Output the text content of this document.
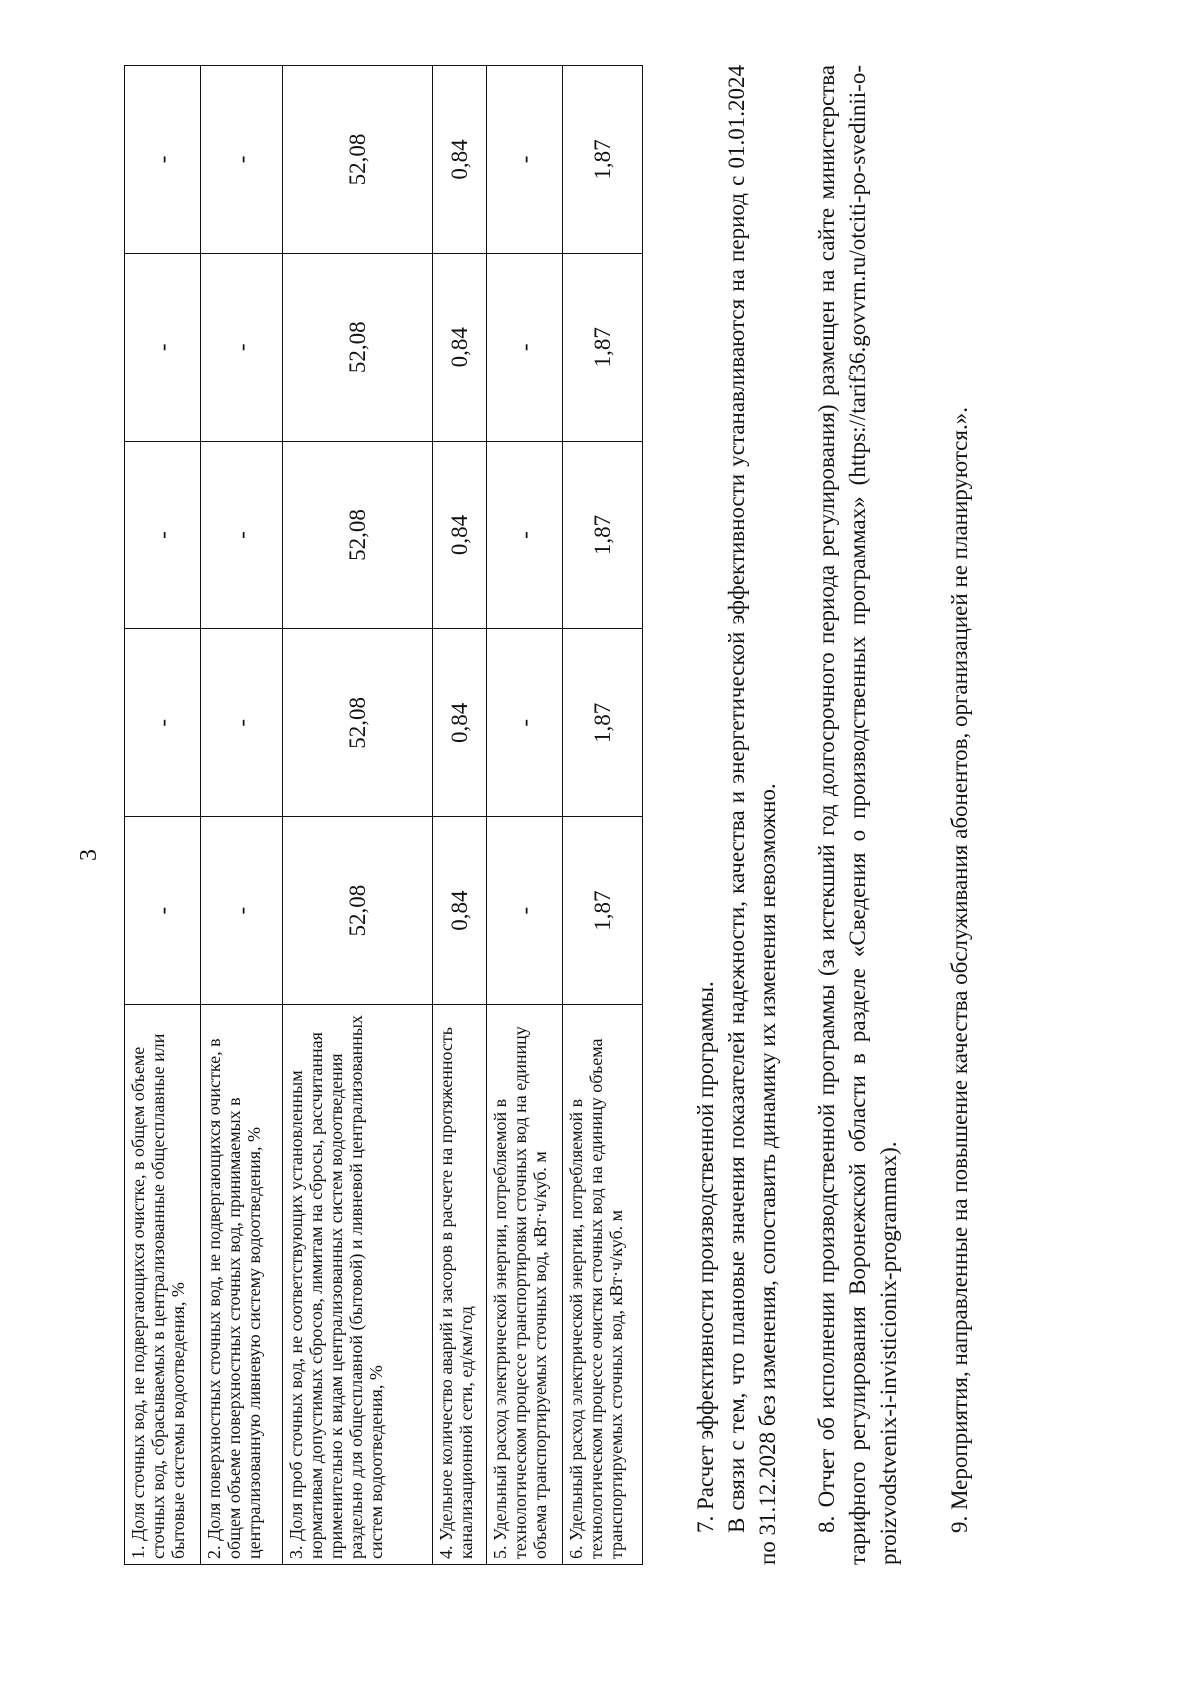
3
1. Доля сточных вод, не подвергающихся очистке, в общем объеме сточных вод, сбрасываемых в централизованные общесплавные или бытовые системы водоотведения, %	-	-	-	-	-
2. Доля поверхностных сточных вод, не подвергающихся очистке, в общем объеме поверхностных сточных вод, принимаемых в централизованную ливневую систему водоотведения, %	-	-	-	-	-
3. Доля проб сточных вод, не соответствующих установленным нормативам допустимых сбросов, лимитам на сбросы, рассчитанная применительно к видам централизованных систем водоотведения раздельно для общесплавной (бытовой) и ливневой централизованных систем водоотведения, %	52,08	52,08	52,08	52,08	52,08
4. Удельное количество аварий и засоров в расчете на протяженность канализационной сети, ед/км/год	0,84	0,84	0,84	0,84	0,84
5. Удельный расход электрической энергии, потребляемой в технологическом процессе транспортировки сточных вод на единицу объема транспортируемых сточных вод, кВт·ч/куб. м	-	-	-	-	-
6. Удельный расход электрической энергии, потребляемой в технологическом процессе очистки сточных вод на единицу объема транспортируемых сточных вод, кВт·ч/куб. м	1,87	1,87	1,87	1,87	1,87

7. Расчет эффективности производственной программы. В связи с тем, что плановые значения показателей надежности, качества и энергетической эффективности устанавливаются на период с 01.01.2024 по 31.12.2028 без изменения, сопоставить динамику их изменения невозможно. 8. Отчет об исполнении производственной программы (за истекший год долгосрочного периода регулирования) размещен на сайте министерства тарифного регулирования Воронежской области в разделе «Сведения о производственных программах» (https://tarif36.govvrn.ru/otciti-po-svedinii-o-proizvodstvenix-i-invisticionix-programmax). 9. Мероприятия, направленные на повышение качества обслуживания абонентов, организацией не планируются.».
